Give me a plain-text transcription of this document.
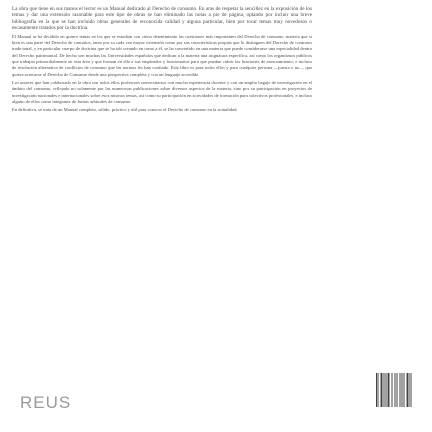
La obra que tiene en sus manos el lector es un Manual dedicado al Derecho de consumo. En aras de respetar la sencillez en la exposición de los temas y dar una extensión razonable para este tipo de obras se han eliminado las notas a pie de página, optando por incluir una breve bibliografía en la que se han incluido obras generales de reconocida calidad y alguna particular, bien por tocar temas muy novedosos o escasamente tratados por la doctrina.

El Manual se ha dividido en quince temas en los que se estudian con cierto detenimiento las cuestiones más importantes del Derecho de consumo, materia que si bien es una parte del Derecho de contratos, tanto por su cada vez mayor extensión como por sus características propias que lo distinguen del Derecho de contratos tradicional, y en particular cuerpo de doctrina que se ha ido creando en torno a él, se ha convertido en una materia que puede considerarse una especialidad dentro del Derecho patrimonial. De hecho son muchas las Universidades españolas que dedican a la materia una asignatura específica, así como los organismos públicos que trabajan primordialmente en esta área y que forman en ella a sus empleados y funcionarios para que puedan cubrir las funciones de asesoramiento, e incluso de resolución alternativa de conflictos de consumo que las normas les han confiado. Este libro es para todos ellos y para cualquier persona —jurista o no— que quiera acercarse al Derecho de Consumo desde una perspectiva completa y con un lenguaje accesible.

Los autores que han colaborado en la obra son todos ellos profesores universitarios con mucha experiencia docente y con un amplio bagaje de investigación en el ámbito del consumo, reflejado no solamente por las numerosas publicaciones sobre diversos aspectos de la materia, sino por su participación en proyectos de investigación nacionales e internacionales sobre esos mismos temas, así como su participación en actividades de formación para colectivos profesionales, e incluso alguno de ellos como integrante de Juntas arbitrales de consumo.

En definitiva, se trata de un Manual completo, sólido, práctico y útil para conocer el Derecho de consumo en la actualidad.

REUS
